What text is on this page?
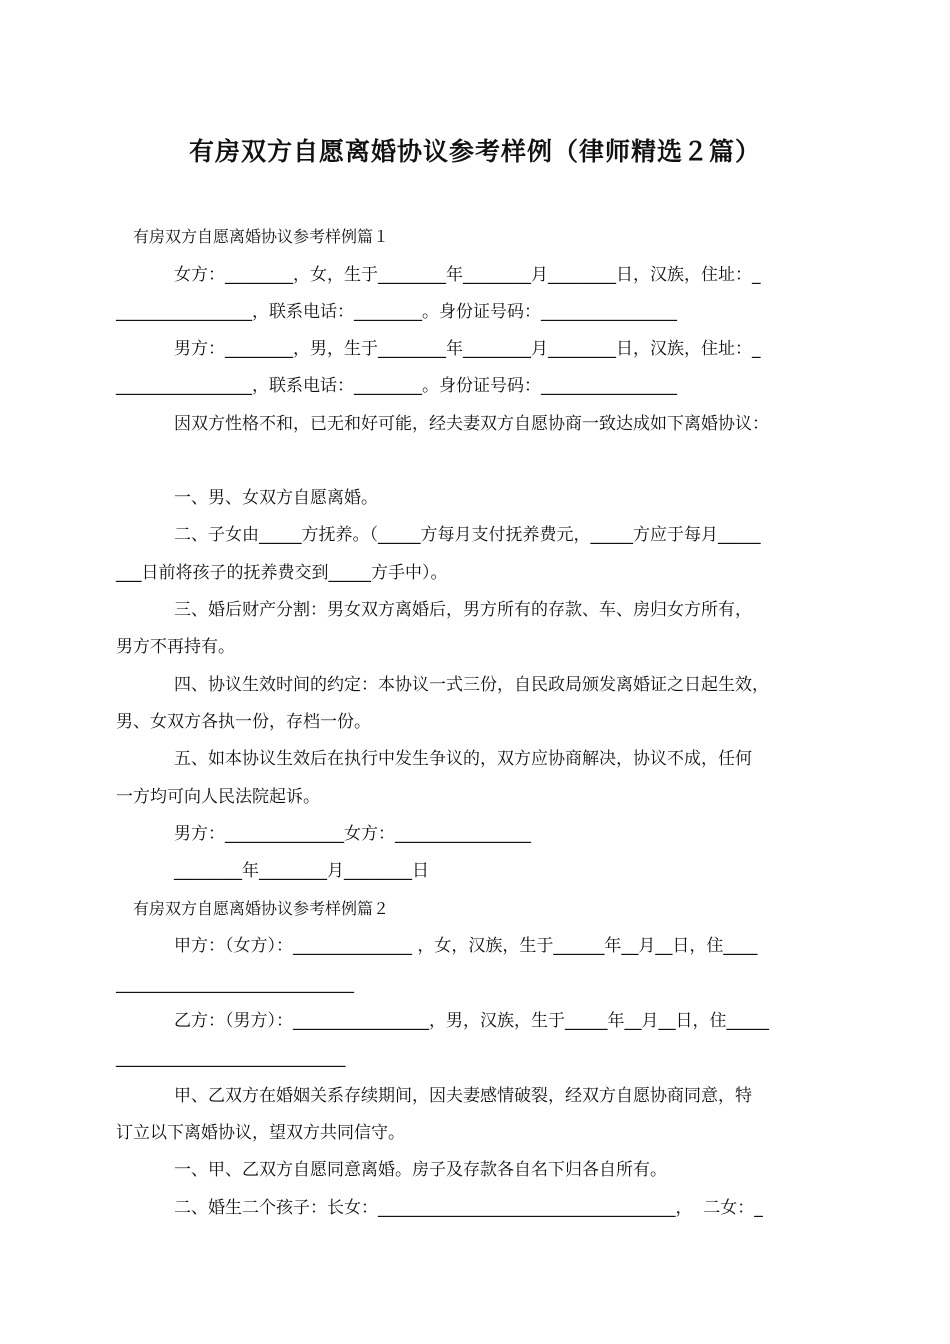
有房双方自愿离婚协议参考样例（律师精选２篇）
有房双方自愿离婚协议参考样例篇１
女方：________，女，生于________年________月________日，汉族，住址：_
________________，联系电话：________。身份证号码：________________
男方：________，男，生于________年________月________日，汉族，住址：_
________________，联系电话：________。身份证号码：________________
因双方性格不和，已无和好可能，经夫妻双方自愿协商一致达成如下离婚协议：
一、男、女双方自愿离婚。
二、子女由_____方抚养。（_____方每月支付抚养费元，_____方应于每月_____
___日前将孩子的抚养费交到_____方手中）。
三、婚后财产分割：男女双方离婚后，男方所有的存款、车、房归女方所有，
男方不再持有。
四、协议生效时间的约定：本协议一式三份，自民政局颁发离婚证之日起生效，
男、女双方各执一份，存档一份。
五、如本协议生效后在执行中发生争议的，双方应协商解决，协议不成，任何
一方均可向人民法院起诉。
男方：______________女方：________________
________年________月________日
有房双方自愿离婚协议参考样例篇２
甲方：（女方）：______________ ，女，汉族，生于______年__月__日，住____
____________________________
乙方：（男方）：________________，男，汉族，生于_____年__月__日，住_____
___________________________
甲、乙双方在婚姻关系存续期间，因夫妻感情破裂，经双方自愿协商同意，特
订立以下离婚协议，望双方共同信守。
一、甲、乙双方自愿同意离婚。房子及存款各自名下归各自所有。
二、婚生二个孩子：长女：___________________________________，  二女：_
